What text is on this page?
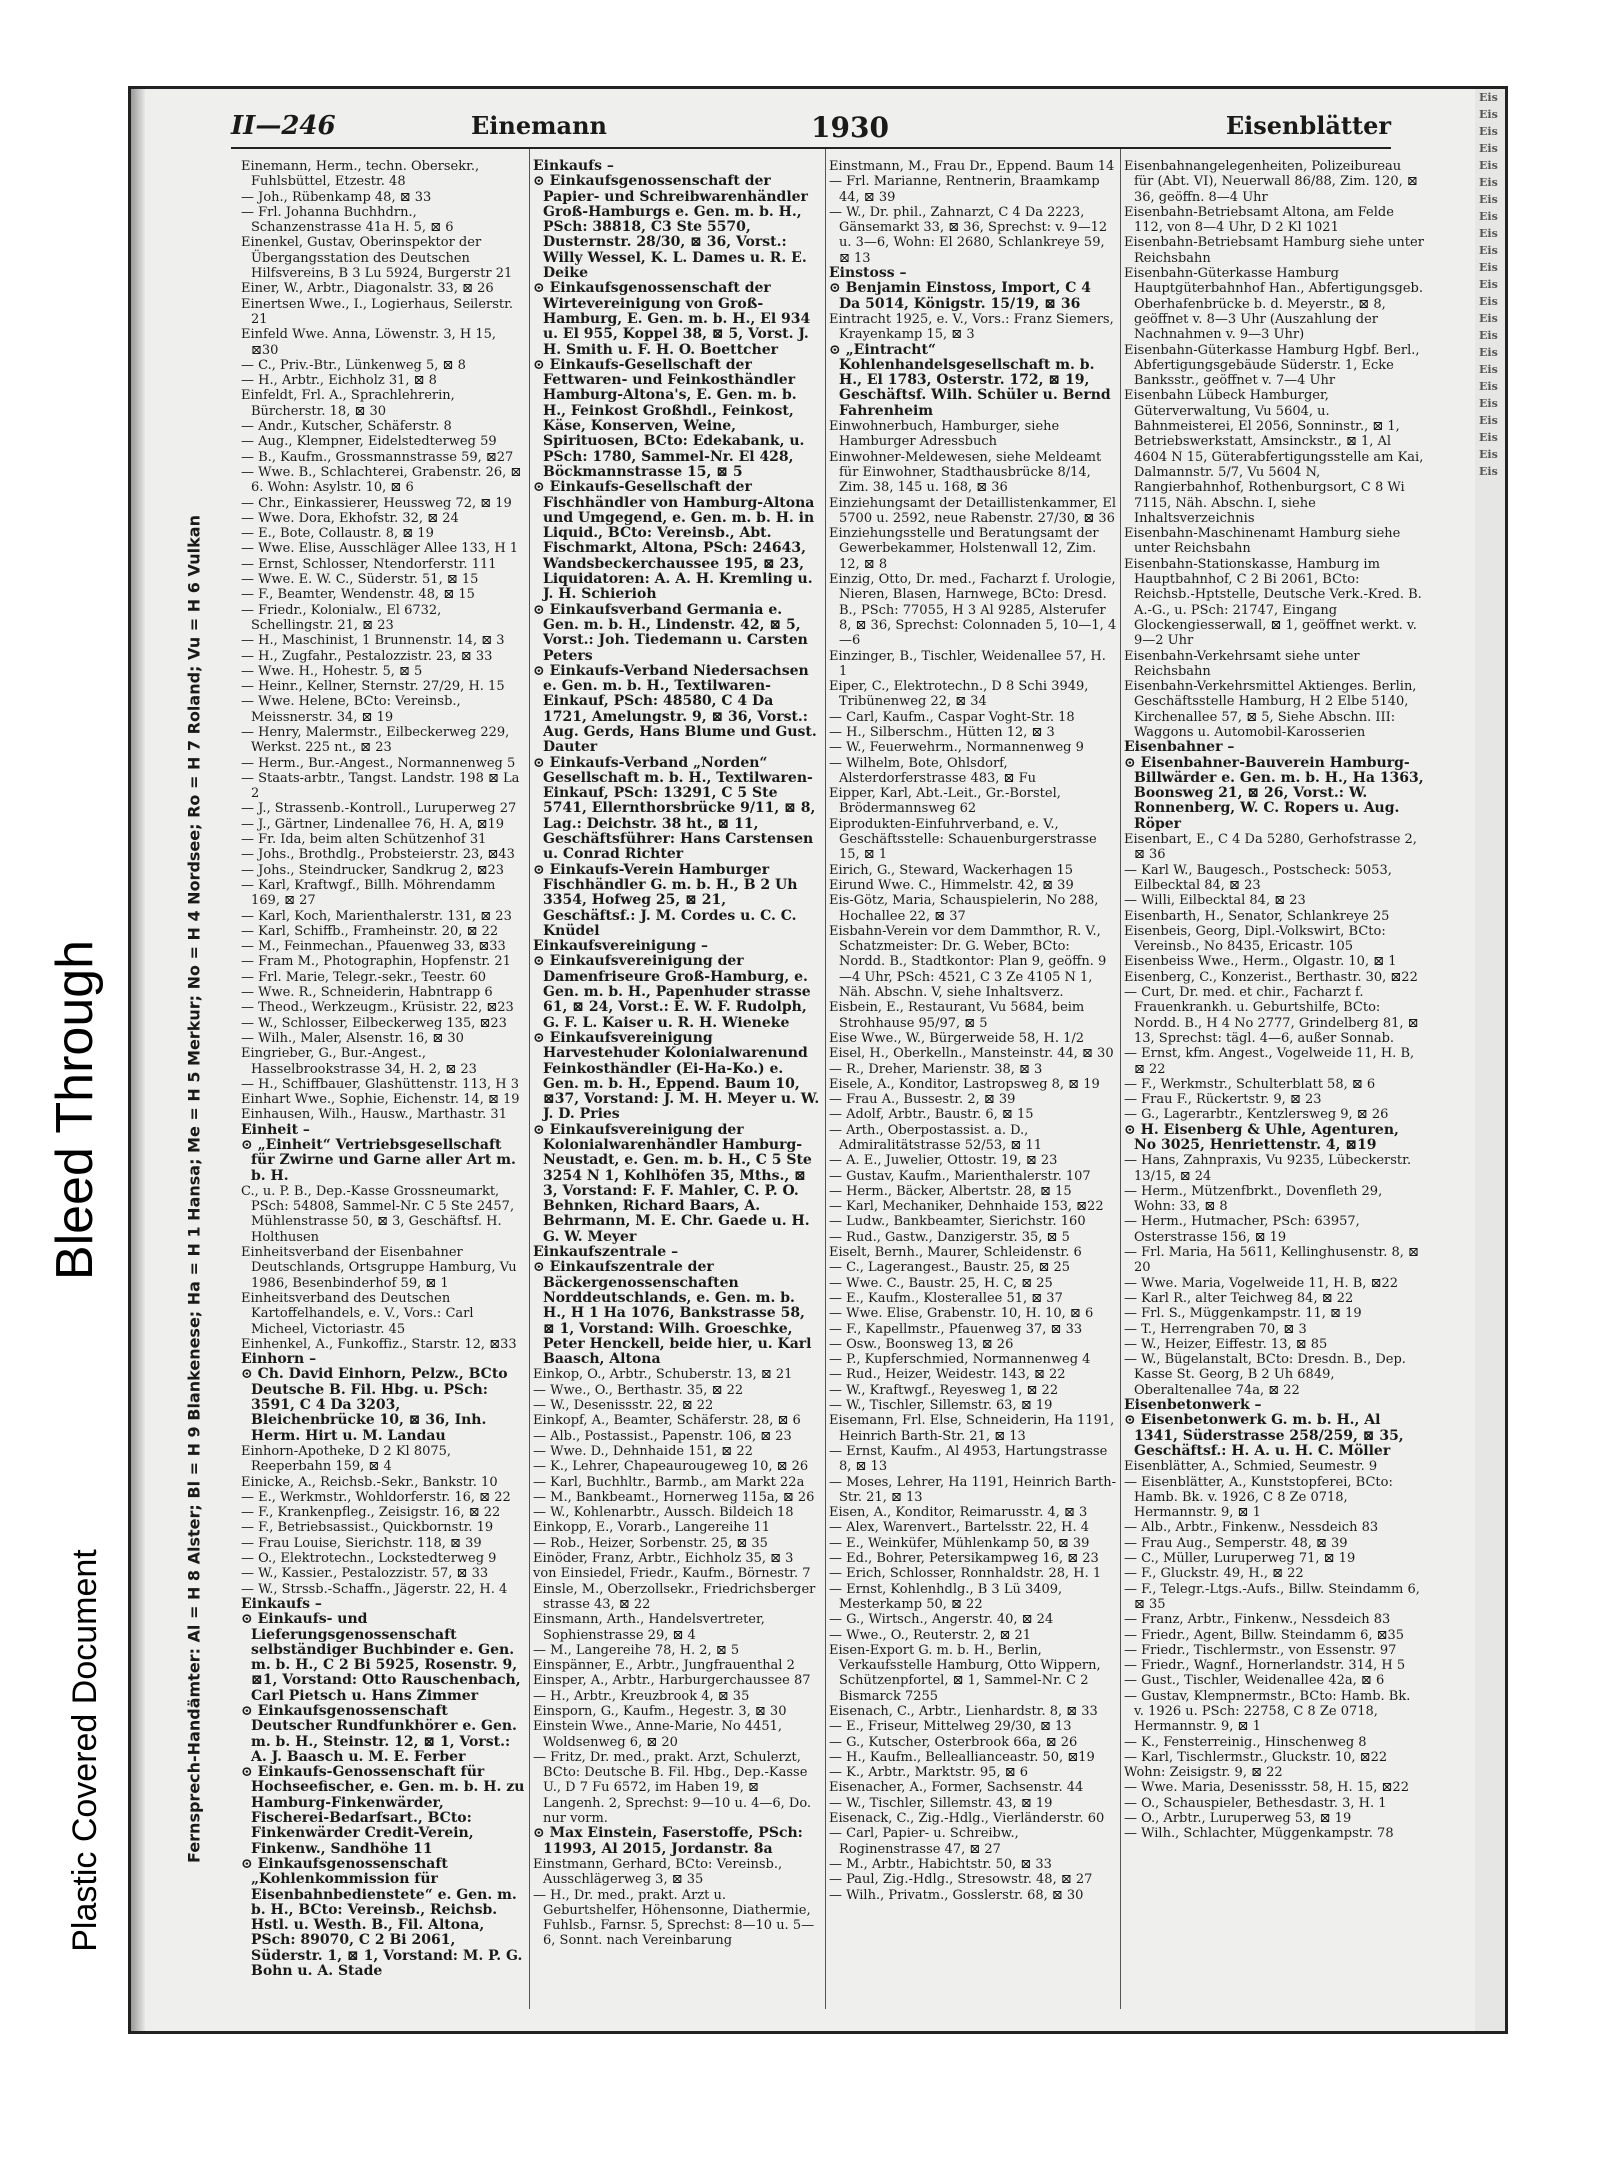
Bleed Through
Plastic Covered Document
II—246	Einemann	1930	Eisenblätter
Fernsprech-Handämter: Al = H 8 Alster; Bl = H 9 Blankenese; Ha = H 1 Hansa; Me = H 5 Merkur; No = H 4 Nordsee; Ro = H 7 Roland; Vu = H 6 Vulkan

Einemann, Herm., techn. Obersekr., Fuhlsbüttel, Etzestr. 48

— Joh., Rübenkamp 48, ⊠ 33

— Frl. Johanna Buchhdrn., Schanzenstrasse 41a H. 5, ⊠ 6

Einenkel, Gustav, Oberinspektor der Übergangsstation des Deutschen Hilfsvereins, B 3 Lu 5924, Burgerstr 21

Einer, W., Arbtr., Diagonalstr. 33, ⊠ 26

Einertsen Wwe., I., Logierhaus, Seilerstr. 21

Einfeld Wwe. Anna, Löwenstr. 3, H 15, ⊠30

— C., Priv.-Btr., Lünkenweg 5, ⊠ 8

— H., Arbtr., Eichholz 31, ⊠ 8

Einfeldt, Frl. A., Sprachlehrerin, Bürcherstr. 18, ⊠ 30

— Andr., Kutscher, Schäferstr. 8

— Aug., Klempner, Eidelstedterweg 59

— B., Kaufm., Grossmannstrasse 59, ⊠27

— Wwe. B., Schlachterei, Grabenstr. 26, ⊠ 6. Wohn: Asylstr. 10, ⊠ 6

— Chr., Einkassierer, Heussweg 72, ⊠ 19

— Wwe. Dora, Ekhofstr. 32, ⊠ 24

— E., Bote, Collaustr. 8, ⊠ 19

— Wwe. Elise, Ausschläger Allee 133, H 1

— Ernst, Schlosser, Ntendorferstr. 111

— Wwe. E. W. C., Süderstr. 51, ⊠ 15

— F., Beamter, Wendenstr. 48, ⊠ 15

— Friedr., Kolonialw., El 6732, Schellingstr. 21, ⊠ 23

— H., Maschinist, 1 Brunnenstr. 14, ⊠ 3

— H., Zugfahr., Pestalozzistr. 23, ⊠ 33

— Wwe. H., Hohestr. 5, ⊠ 5

— Heinr., Kellner, Sternstr. 27/29, H. 15

— Wwe. Helene, BCto: Vereinsb., Meissnerstr. 34, ⊠ 19

— Henry, Malermstr., Eilbeckerweg 229, Werkst. 225 nt., ⊠ 23

— Herm., Bur.-Angest., Normannenweg 5

— Staats-arbtr., Tangst. Landstr. 198 ⊠ La 2

— J., Strassenb.-Kontroll., Luruperweg 27

— J., Gärtner, Lindenallee 76, H. A, ⊠19

— Fr. Ida, beim alten Schützenhof 31

— Johs., Brothdlg., Probsteierstr. 23, ⊠43

— Johs., Steindrucker, Sandkrug 2, ⊠23

— Karl, Kraftwgf., Billh. Möhrendamm 169, ⊠ 27

— Karl, Koch, Marienthalerstr. 131, ⊠ 23

— Karl, Schiffb., Framheinstr. 20, ⊠ 22

— M., Feinmechan., Pfauenweg 33, ⊠33

— Fram M., Photographin, Hopfenstr. 21

— Frl. Marie, Telegr.-sekr., Teestr. 60

— Wwe. R., Schneiderin, Habntrapp 6

— Theod., Werkzeugm., Krüsistr. 22, ⊠23

— W., Schlosser, Eilbeckerweg 135, ⊠23

— Wilh., Maler, Alsenstr. 16, ⊠ 30

Eingrieber, G., Bur.-Angest., Hasselbrookstrasse 34, H. 2, ⊠ 23

— H., Schiffbauer, Glashüttenstr. 113, H 3

Einhart Wwe., Sophie, Eichenstr. 14, ⊠ 19

Einhausen, Wilh., Hausw., Marthastr. 31

Einheit –

⊙ „Einheit“ Vertriebsgesellschaft für Zwirne und Garne aller Art m. b. H.

C., u. P. B., Dep.-Kasse Grossneumarkt, PSch: 54808, Sammel-Nr. C 5 Ste 2457, Mühlenstrasse 50, ⊠ 3, Geschäftsf. H. Holthusen

Einheitsverband der Eisenbahner Deutschlands, Ortsgruppe Hamburg, Vu 1986, Besenbinderhof 59, ⊠ 1

Einheitsverband des Deutschen Kartoffelhandels, e. V., Vors.: Carl Micheel, Victoriastr. 45

Einhenkel, A., Funkoffiz., Starstr. 12, ⊠33

Einhorn –

⊙ Ch. David Einhorn, Pelzw., BCto Deutsche B. Fil. Hbg. u. PSch: 3591, C 4 Da 3203, Bleichenbrücke 10, ⊠ 36, Inh. Herm. Hirt u. M. Landau

Einhorn-Apotheke, D 2 Kl 8075, Reeperbahn 159, ⊠ 4

Einicke, A., Reichsb.-Sekr., Bankstr. 10

— E., Werkmstr., Wohldorferstr. 16, ⊠ 22

— F., Krankenpfleg., Zeisigstr. 16, ⊠ 22

— F., Betriebsassist., Quickbornstr. 19

— Frau Louise, Sierichstr. 118, ⊠ 39

— O., Elektrotechn., Lockstedterweg 9

— W., Kassier., Pestalozzistr. 57, ⊠ 33

— W., Strssb.-Schaffn., Jägerstr. 22, H. 4

Einkaufs –

⊙ Einkaufs- und Lieferungsgenossenschaft selbständiger Buchbinder e. Gen. m. b. H., C 2 Bi 5925, Rosenstr. 9, ⊠1, Vorstand: Otto Rauschenbach, Carl Pietsch u. Hans Zimmer

⊙ Einkaufsgenossenschaft Deutscher Rundfunkhörer e. Gen. m. b. H., Steinstr. 12, ⊠ 1, Vorst.: A. J. Baasch u. M. E. Ferber

⊙ Einkaufs-Genossenschaft für Hochseefischer, e. Gen. m. b. H. zu Hamburg-Finkenwärder, Fischerei-Bedarfsart., BCto: Finkenwärder Credit-Verein, Finkenw., Sandhöhe 11

⊙ Einkaufsgenossenschaft „Kohlenkommission für Eisenbahnbedienstete“ e. Gen. m. b. H., BCto: Vereinsb., Reichsb. Hstl. u. Westh. B., Fil. Altona, PSch: 89070, C 2 Bi 2061, Süderstr. 1, ⊠ 1, Vorstand: M. P. G. Bohn u. A. Stade

Einkaufs –

⊙ Einkaufsgenossenschaft der Papier- und Schreibwarenhändler Groß-Hamburgs e. Gen. m. b. H., PSch: 38818, C3 Ste 5570, Dusternstr. 28/30, ⊠ 36, Vorst.: Willy Wessel, K. L. Dames u. R. E. Deike

⊙ Einkaufsgenossenschaft der Wirtevereinigung von Groß-Hamburg, E. Gen. m. b. H., El 934 u. El 955, Koppel 38, ⊠ 5, Vorst. J. H. Smith u. F. H. O. Boettcher

⊙ Einkaufs-Gesellschaft der Fettwaren- und Feinkosthändler Hamburg-Altona's, E. Gen. m. b. H., Feinkost Großhdl., Feinkost, Käse, Konserven, Weine, Spirituosen, BCto: Edekabank, u. PSch: 1780, Sammel-Nr. El 428, Böckmannstrasse 15, ⊠ 5

⊙ Einkaufs-Gesellschaft der Fischhändler von Hamburg-Altona und Umgegend, e. Gen. m. b. H. in Liquid., BCto: Vereinsb., Abt. Fischmarkt, Altona, PSch: 24643, Wandsbeckerchaussee 195, ⊠ 23, Liquidatoren: A. A. H. Kremling u. J. H. Schierioh

⊙ Einkaufsverband Germania e. Gen. m. b. H., Lindenstr. 42, ⊠ 5, Vorst.: Joh. Tiedemann u. Carsten Peters

⊙ Einkaufs-Verband Niedersachsen e. Gen. m. b. H., Textilwaren-Einkauf, PSch: 48580, C 4 Da 1721, Amelungstr. 9, ⊠ 36, Vorst.: Aug. Gerds, Hans Blume und Gust. Dauter

⊙ Einkaufs-Verband „Norden“ Gesellschaft m. b. H., Textilwaren-Einkauf, PSch: 13291, C 5 Ste 5741, Ellernthorsbrücke 9/11, ⊠ 8, Lag.: Deichstr. 38 ht., ⊠ 11, Geschäftsführer: Hans Carstensen u. Conrad Richter

⊙ Einkaufs-Verein Hamburger Fischhändler G. m. b. H., B 2 Uh 3354, Hofweg 25, ⊠ 21, Geschäftsf.: J. M. Cordes u. C. C. Knüdel

Einkaufsvereinigung –

⊙ Einkaufsvereinigung der Damenfriseure Groß-Hamburg, e. Gen. m. b. H., Papenhuder strasse 61, ⊠ 24, Vorst.: E. W. F. Rudolph, G. F. L. Kaiser u. R. H. Wieneke

⊙ Einkaufsvereinigung Harvestehuder Kolonialwarenund Feinkosthändler (Ei-Ha-Ko.) e. Gen. m. b. H., Eppend. Baum 10, ⊠37, Vorstand: J. M. H. Meyer u. W. J. D. Pries

⊙ Einkaufsvereinigung der Kolonialwarenhändler Hamburg-Neustadt, e. Gen. m. b. H., C 5 Ste 3254 N 1, Kohlhöfen 35, Mths., ⊠ 3, Vorstand: F. F. Mahler, C. P. O. Behnken, Richard Baars, A. Behrmann, M. E. Chr. Gaede u. H. G. W. Meyer

Einkaufszentrale –

⊙ Einkaufszentrale der Bäckergenossenschaften Norddeutschlands, e. Gen. m. b. H., H 1 Ha 1076, Bankstrasse 58, ⊠ 1, Vorstand: Wilh. Groeschke, Peter Henckell, beide hier, u. Karl Baasch, Altona

Einkop, O., Arbtr., Schuberstr. 13, ⊠ 21

— Wwe., O., Berthastr. 35, ⊠ 22

— W., Desenissstr. 22, ⊠ 22

Einkopf, A., Beamter, Schäferstr. 28, ⊠ 6

— Alb., Postassist., Papenstr. 106, ⊠ 23

— Wwe. D., Dehnhaide 151, ⊠ 22

— K., Lehrer, Chapeaurougeweg 10, ⊠ 26

— Karl, Buchhltr., Barmb., am Markt 22a

— M., Bankbeamt., Hornerweg 115a, ⊠ 26

— W., Kohlenarbtr., Aussch. Bildeich 18

Einkopp, E., Vorarb., Langereihe 11

— Rob., Heizer, Sorbenstr. 25, ⊠ 35

Einöder, Franz, Arbtr., Eichholz 35, ⊠ 3

von Einsiedel, Friedr., Kaufm., Börnestr. 7

Einsle, M., Oberzollsekr., Friedrichsberger strasse 43, ⊠ 22

Einsmann, Arth., Handelsvertreter, Sophienstrasse 29, ⊠ 4

— M., Langereihe 78, H. 2, ⊠ 5

Einspänner, E., Arbtr., Jungfrauenthal 2

Einsper, A., Arbtr., Harburgerchaussee 87

— H., Arbtr., Kreuzbrook 4, ⊠ 35

Einsporn, G., Kaufm., Hegestr. 3, ⊠ 30

Einstein Wwe., Anne-Marie, No 4451, Woldsenweg 6, ⊠ 20

— Fritz, Dr. med., prakt. Arzt, Schulerzt, BCto: Deutsche B. Fil. Hbg., Dep.-Kasse U., D 7 Fu 6572, im Haben 19, ⊠ Langenh. 2, Sprechst: 9—10 u. 4—6, Do. nur vorm.

⊙ Max Einstein, Faserstoffe, PSch: 11993, Al 2015, Jordanstr. 8a

Einstmann, Gerhard, BCto: Vereinsb., Ausschlägerweg 3, ⊠ 35

— H., Dr. med., prakt. Arzt u. Geburtshelfer, Höhensonne, Diathermie, Fuhlsb., Farnsr. 5, Sprechst: 8—10 u. 5—6, Sonnt. nach Vereinbarung

Einstmann, M., Frau Dr., Eppend. Baum 14

— Frl. Marianne, Rentnerin, Braamkamp 44, ⊠ 39

— W., Dr. phil., Zahnarzt, C 4 Da 2223, Gänsemarkt 33, ⊠ 36, Sprechst: v. 9—12 u. 3—6, Wohn: El 2680, Schlankreye 59, ⊠ 13

Einstoss –

⊙ Benjamin Einstoss, Import, C 4 Da 5014, Königstr. 15/19, ⊠ 36

Eintracht 1925, e. V., Vors.: Franz Siemers, Krayenkamp 15, ⊠ 3

⊙ „Eintracht“ Kohlenhandelsgesellschaft m. b. H., El 1783, Osterstr. 172, ⊠ 19, Geschäftsf. Wilh. Schüler u. Bernd Fahrenheim

Einwohnerbuch, Hamburger, siehe Hamburger Adressbuch

Einwohner-Meldewesen, siehe Meldeamt für Einwohner, Stadthausbrücke 8/14, Zim. 38, 145 u. 168, ⊠ 36

Einziehungsamt der Detaillistenkammer, El 5700 u. 2592, neue Rabenstr. 27/30, ⊠ 36

Einziehungsstelle und Beratungsamt der Gewerbekammer, Holstenwall 12, Zim. 12, ⊠ 8

Einzig, Otto, Dr. med., Facharzt f. Urologie, Nieren, Blasen, Harnwege, BCto: Dresd. B., PSch: 77055, H 3 Al 9285, Alsterufer 8, ⊠ 36, Sprechst: Colonnaden 5, 10—1, 4—6

Einzinger, B., Tischler, Weidenallee 57, H. 1

Eiper, C., Elektrotechn., D 8 Schi 3949, Tribünenweg 22, ⊠ 34

— Carl, Kaufm., Caspar Voght-Str. 18

— H., Silberschm., Hütten 12, ⊠ 3

— W., Feuerwehrm., Normannenweg 9

— Wilhelm, Bote, Ohlsdorf, Alsterdorferstrasse 483, ⊠ Fu

Eipper, Karl, Abt.-Leit., Gr.-Borstel, Brödermannsweg 62

Eiprodukten-Einfuhrverband, e. V., Geschäftsstelle: Schauenburgerstrasse 15, ⊠ 1

Eirich, G., Steward, Wackerhagen 15

Eirund Wwe. C., Himmelstr. 42, ⊠ 39

Eis-Götz, Maria, Schauspielerin, No 288, Hochallee 22, ⊠ 37

Eisbahn-Verein vor dem Dammthor, R. V., Schatzmeister: Dr. G. Weber, BCto: Nordd. B., Stadtkontor: Plan 9, geöffn. 9—4 Uhr, PSch: 4521, C 3 Ze 4105 N 1, Näh. Abschn. V, siehe Inhaltsverz.

Eisbein, E., Restaurant, Vu 5684, beim Strohhause 95/97, ⊠ 5

Eise Wwe., W., Bürgerweide 58, H. 1/2

Eisel, H., Oberkelln., Mansteinstr. 44, ⊠ 30

— R., Dreher, Marienstr. 38, ⊠ 3

Eisele, A., Konditor, Lastropsweg 8, ⊠ 19

— Frau A., Bussestr. 2, ⊠ 39

— Adolf, Arbtr., Baustr. 6, ⊠ 15

— Arth., Oberpostassist. a. D., Admiralitätstrasse 52/53, ⊠ 11

— A. E., Juwelier, Ottostr. 19, ⊠ 23

— Gustav, Kaufm., Marienthalerstr. 107

— Herm., Bäcker, Albertstr. 28, ⊠ 15

— Karl, Mechaniker, Dehnhaide 153, ⊠22

— Ludw., Bankbeamter, Sierichstr. 160

— Rud., Gastw., Danzigerstr. 35, ⊠ 5

Eiselt, Bernh., Maurer, Schleidenstr. 6

— C., Lagerangest., Baustr. 25, ⊠ 25

— Wwe. C., Baustr. 25, H. C, ⊠ 25

— E., Kaufm., Klosterallee 51, ⊠ 37

— Wwe. Elise, Grabenstr. 10, H. 10, ⊠ 6

— F., Kapellmstr., Pfauenweg 37, ⊠ 33

— Osw., Boonsweg 13, ⊠ 26

— P., Kupferschmied, Normannenweg 4

— Rud., Heizer, Weidestr. 143, ⊠ 22

— W., Kraftwgf., Reyesweg 1, ⊠ 22

— W., Tischler, Sillemstr. 63, ⊠ 19

Eisemann, Frl. Else, Schneiderin, Ha 1191, Heinrich Barth-Str. 21, ⊠ 13

— Ernst, Kaufm., Al 4953, Hartungstrasse 8, ⊠ 13

— Moses, Lehrer, Ha 1191, Heinrich Barth-Str. 21, ⊠ 13

Eisen, A., Konditor, Reimarusstr. 4, ⊠ 3

— Alex, Warenvert., Bartelsstr. 22, H. 4

— E., Weinküfer, Mühlenkamp 50, ⊠ 39

— Ed., Bohrer, Petersikampweg 16, ⊠ 23

— Erich, Schlosser, Ronnhaldstr. 28, H. 1

— Ernst, Kohlenhdlg., B 3 Lü 3409, Mesterkamp 50, ⊠ 22

— G., Wirtsch., Angerstr. 40, ⊠ 24

— Wwe., O., Reuterstr. 2, ⊠ 21

Eisen-Export G. m. b. H., Berlin, Verkaufsstelle Hamburg, Otto Wippern, Schützenpfortel, ⊠ 1, Sammel-Nr. C 2 Bismarck 7255

Eisenach, C., Arbtr., Lienhardstr. 8, ⊠ 33

— E., Friseur, Mittelweg 29/30, ⊠ 13

— G., Kutscher, Osterbrook 66a, ⊠ 26

— H., Kaufm., Belleallianceastr. 50, ⊠19

— K., Arbtr., Marktstr. 95, ⊠ 6

Eisenacher, A., Former, Sachsenstr. 44

— W., Tischler, Sillemstr. 43, ⊠ 19

Eisenack, C., Zig.-Hdlg., Vierländerstr. 60

— Carl, Papier- u. Schreibw., Roginenstrasse 47, ⊠ 27

— M., Arbtr., Habichtstr. 50, ⊠ 33

— Paul, Zig.-Hdlg., Stresowstr. 48, ⊠ 27

— Wilh., Privatm., Gosslerstr. 68, ⊠ 30

Eisenbahnangelegenheiten, Polizeibureau für (Abt. VI), Neuerwall 86/88, Zim. 120, ⊠ 36, geöffn. 8—4 Uhr

Eisenbahn-Betriebsamt Altona, am Felde 112, von 8—4 Uhr, D 2 Kl 1021

Eisenbahn-Betriebsamt Hamburg siehe unter Reichsbahn

Eisenbahn-Güterkasse Hamburg Hauptgüterbahnhof Han., Abfertigungsgeb. Oberhafenbrücke b. d. Meyerstr., ⊠ 8, geöffnet v. 8—3 Uhr (Auszahlung der Nachnahmen v. 9—3 Uhr)

Eisenbahn-Güterkasse Hamburg Hgbf. Berl., Abfertigungsgebäude Süderstr. 1, Ecke Banksstr., geöffnet v. 7—4 Uhr

Eisenbahn Lübeck Hamburger, Güterverwaltung, Vu 5604, u. Bahnmeisterei, El 2056, Sonninstr., ⊠ 1, Betriebswerkstatt, Amsinckstr., ⊠ 1, Al 4604 N 15, Güterabfertigungsstelle am Kai, Dalmannstr. 5/7, Vu 5604 N, Rangierbahnhof, Rothenburgsort, C 8 Wi 7115, Näh. Abschn. I, siehe Inhaltsverzeichnis

Eisenbahn-Maschinenamt Hamburg siehe unter Reichsbahn

Eisenbahn-Stationskasse, Hamburg im Hauptbahnhof, C 2 Bi 2061, BCto: Reichsb.-Hptstelle, Deutsche Verk.-Kred. B. A.-G., u. PSch: 21747, Eingang Glockengiesserwall, ⊠ 1, geöffnet werkt. v. 9—2 Uhr

Eisenbahn-Verkehrsamt siehe unter Reichsbahn

Eisenbahn-Verkehrsmittel Aktienges. Berlin, Geschäftsstelle Hamburg, H 2 Elbe 5140, Kirchenallee 57, ⊠ 5, Siehe Abschn. III: Waggons u. Automobil-Karosserien

Eisenbahner –

⊙ Eisenbahner-Bauverein Hamburg-Billwärder e. Gen. m. b. H., Ha 1363, Boonsweg 21, ⊠ 26, Vorst.: W. Ronnenberg, W. C. Ropers u. Aug. Röper

Eisenbart, E., C 4 Da 5280, Gerhofstrasse 2, ⊠ 36

— Karl W., Baugesch., Postscheck: 5053, Eilbecktal 84, ⊠ 23

— Willi, Eilbecktal 84, ⊠ 23

Eisenbarth, H., Senator, Schlankreye 25

Eisenbeis, Georg, Dipl.-Volkswirt, BCto: Vereinsb., No 8435, Ericastr. 105

Eisenbeiss Wwe., Herm., Olgastr. 10, ⊠ 1

Eisenberg, C., Konzerist., Berthastr. 30, ⊠22

— Curt, Dr. med. et chir., Facharzt f. Frauenkrankh. u. Geburtshilfe, BCto: Nordd. B., H 4 No 2777, Grindelberg 81, ⊠ 13, Sprechst: tägl. 4—6, außer Sonnab.

— Ernst, kfm. Angest., Vogelweide 11, H. B, ⊠ 22

— F., Werkmstr., Schulterblatt 58, ⊠ 6

— Frau F., Rückertstr. 9, ⊠ 23

— G., Lagerarbtr., Kentzlersweg 9, ⊠ 26

⊙ H. Eisenberg & Uhle, Agenturen, No 3025, Henriettenstr. 4, ⊠19

— Hans, Zahnpraxis, Vu 9235, Lübeckerstr. 13/15, ⊠ 24

— Herm., Mützenfbrkt., Dovenfleth 29, Wohn: 33, ⊠ 8

— Herm., Hutmacher, PSch: 63957, Osterstrasse 156, ⊠ 19

— Frl. Maria, Ha 5611, Kellinghusenstr. 8, ⊠ 20

— Wwe. Maria, Vogelweide 11, H. B, ⊠22

— Karl R., alter Teichweg 84, ⊠ 22

— Frl. S., Müggenkampstr. 11, ⊠ 19

— T., Herrengraben 70, ⊠ 3

— W., Heizer, Eiffestr. 13, ⊠ 85

— W., Bügelanstalt, BCto: Dresdn. B., Dep. Kasse St. Georg, B 2 Uh 6849, Oberaltenallee 74a, ⊠ 22

Eisenbetonwerk –

⊙ Eisenbetonwerk G. m. b. H., Al 1341, Süderstrasse 258/259, ⊠ 35, Geschäftsf.: H. A. u. H. C. Möller

Eisenblätter, A., Schmied, Seumestr. 9

— Eisenblätter, A., Kunststopferei, BCto: Hamb. Bk. v. 1926, C 8 Ze 0718, Hermannstr. 9, ⊠ 1

— Alb., Arbtr., Finkenw., Nessdeich 83

— Frau Aug., Semperstr. 48, ⊠ 39

— C., Müller, Luruperweg 71, ⊠ 19

— F., Gluckstr. 49, H., ⊠ 22

— F., Telegr.-Ltgs.-Aufs., Billw. Steindamm 6, ⊠ 35

— Franz, Arbtr., Finkenw., Nessdeich 83

— Friedr., Agent, Billw. Steindamm 6, ⊠35

— Friedr., Tischlermstr., von Essenstr. 97

— Friedr., Wagnf., Hornerlandstr. 314, H 5

— Gust., Tischler, Weidenallee 42a, ⊠ 6

— Gustav, Klempnermstr., BCto: Hamb. Bk. v. 1926 u. PSch: 22758, C 8 Ze 0718, Hermannstr. 9, ⊠ 1

— K., Fensterreinig., Hinschenweg 8

— Karl, Tischlermstr., Gluckstr. 10, ⊠22

Wohn: Zeisigstr. 9, ⊠ 22

— Wwe. Maria, Desenissstr. 58, H. 15, ⊠22

— O., Schauspieler, Bethesdastr. 3, H. 1

— O., Arbtr., Luruperweg 53, ⊠ 19

— Wilh., Schlachter, Müggenkampstr. 78

Eis
Eis
Eis
Eis
Eis
Eis
Eis
Eis
Eis
Eis
Eis
Eis
Eis
Eis
Eis
Eis
Eis
Eis
Eis
Eis
Eis
Eis
Eis
